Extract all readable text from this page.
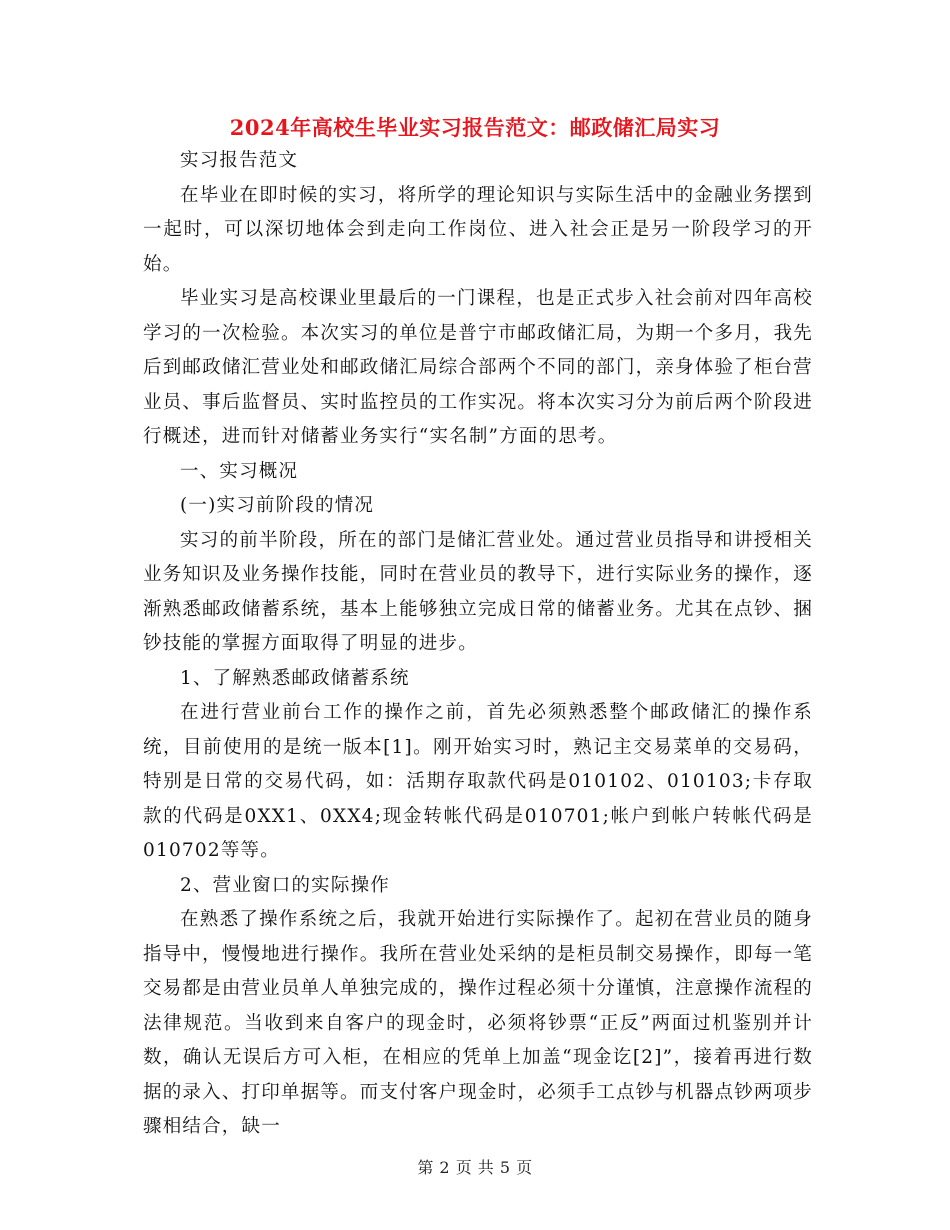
2024年高校生毕业实习报告范文：邮政储汇局实习

实习报告范文

在毕业在即时候的实习，将所学的理论知识与实际生活中的金融业务摆到一起时，可以深切地体会到走向工作岗位、进入社会正是另一阶段学习的开始。

毕业实习是高校课业里最后的一门课程，也是正式步入社会前对四年高校学习的一次检验。本次实习的单位是普宁市邮政储汇局，为期一个多月，我先后到邮政储汇营业处和邮政储汇局综合部两个不同的部门，亲身体验了柜台营业员、事后监督员、实时监控员的工作实况。将本次实习分为前后两个阶段进行概述，进而针对储蓄业务实行“实名制”方面的思考。

一、实习概况

(一)实习前阶段的情况

实习的前半阶段，所在的部门是储汇营业处。通过营业员指导和讲授相关业务知识及业务操作技能，同时在营业员的教导下，进行实际业务的操作，逐渐熟悉邮政储蓄系统，基本上能够独立完成日常的储蓄业务。尤其在点钞、捆钞技能的掌握方面取得了明显的进步。

1、了解熟悉邮政储蓄系统

在进行营业前台工作的操作之前，首先必须熟悉整个邮政储汇的操作系统，目前使用的是统一版本[1]。刚开始实习时，熟记主交易菜单的交易码，特别是日常的交易代码，如：活期存取款代码是010102、010103;卡存取款的代码是0XX1、0XX4;现金转帐代码是010701;帐户到帐户转帐代码是010702等等。

2、营业窗口的实际操作

在熟悉了操作系统之后，我就开始进行实际操作了。起初在营业员的随身指导中，慢慢地进行操作。我所在营业处采纳的是柜员制交易操作，即每一笔交易都是由营业员单人单独完成的，操作过程必须十分谨慎，注意操作流程的法律规范。当收到来自客户的现金时，必须将钞票“正反”两面过机鉴别并计数，确认无误后方可入柜，在相应的凭单上加盖“现金讫[2]”，接着再进行数据的录入、打印单据等。而支付客户现金时，必须手工点钞与机器点钞两项步骤相结合，缺一

第 2 页 共 5 页
